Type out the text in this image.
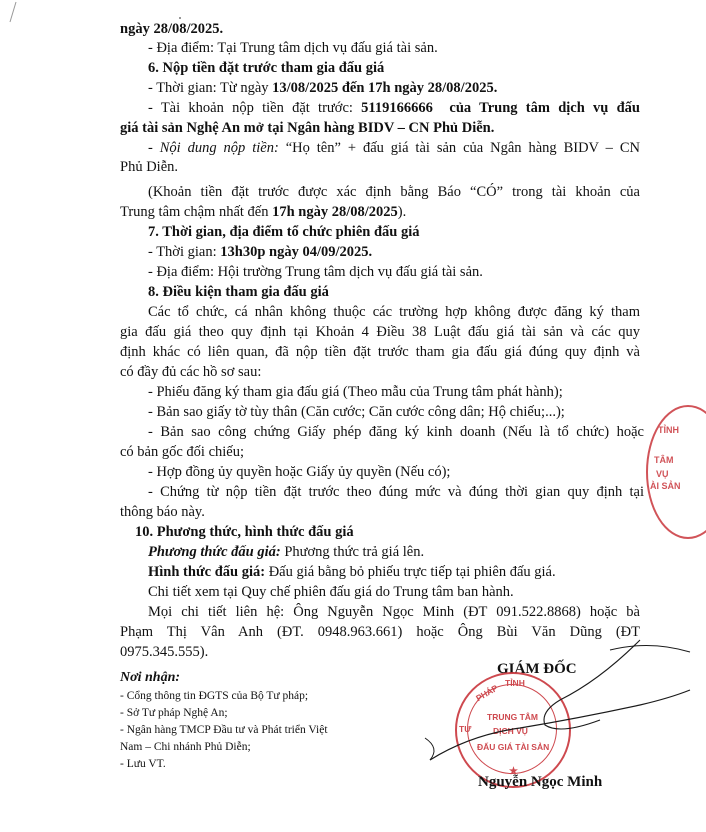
ngày 28/08/2025.
- Địa điểm: Tại Trung tâm dịch vụ đấu giá tài sản.
6. Nộp tiền đặt trước tham gia đấu giá
- Thời gian: Từ ngày 13/08/2025 đến 17h ngày 28/08/2025.
- Tài khoản nộp tiền đặt trước: 5119166666  của Trung tâm dịch vụ đấu
giá tài sản Nghệ An mở tại Ngân hàng BIDV – CN Phủ Diễn.
- Nội dung nộp tiền: “Họ tên” + đấu giá tài sản của Ngân hàng BIDV – CN
Phủ Diễn.
(Khoản tiền đặt trước được xác định bằng Báo “CÓ” trong tài khoản của
Trung tâm chậm nhất đến 17h ngày 28/08/2025).
7. Thời gian, địa điểm tổ chức phiên đấu giá
- Thời gian: 13h30p ngày 04/09/2025.
- Địa điểm: Hội trường Trung tâm dịch vụ đấu giá tài sản.
8. Điều kiện tham gia đấu giá
Các tổ chức, cá nhân không thuộc các trường hợp không được đăng ký tham
gia đấu giá theo quy định tại Khoản 4 Điều 38 Luật đấu giá tài sản và các quy
định khác có liên quan, đã nộp tiền đặt trước tham gia đấu giá đúng quy định và
có đầy đủ các hồ sơ sau:
- Phiếu đăng ký tham gia đấu giá (Theo mẫu của Trung tâm phát hành);
- Bản sao giấy tờ tùy thân (Căn cước; Căn cước công dân; Hộ chiếu;...);
- Bản sao công chứng Giấy phép đăng ký kinh doanh (Nếu là tổ chức) hoặc
có bản gốc đối chiếu;
- Hợp đồng ủy quyền hoặc Giấy ủy quyền (Nếu có);
- Chứng từ nộp tiền đặt trước theo đúng mức và đúng thời gian quy định tại
thông báo này.
10. Phương thức, hình thức đấu giá
Phương thức đấu giá: Phương thức trả giá lên.
Hình thức đấu giá: Đấu giá bằng bỏ phiếu trực tiếp tại phiên đấu giá.
Chi tiết xem tại Quy chế phiên đấu giá do Trung tâm ban hành.
Mọi chi tiết liên hệ: Ông Nguyễn Ngọc Minh (ĐT 091.522.8868) hoặc bà
Phạm Thị Vân Anh (ĐT. 0948.963.661) hoặc Ông Bùi Văn Dũng (ĐT
0975.345.555).
Nơi nhận:
- Cổng thông tin ĐGTS của Bộ Tư pháp;
- Sở Tư pháp Nghệ An;
- Ngân hàng TMCP Đầu tư và Phát triển Việt
Nam – Chi nhánh Phủ Diễn;
- Lưu VT.
GIÁM ĐỐC
TỈNH
TÂM
VỤ
ÀI SẢN
TỈNH
PHÁP
TƯ
TRUNG TÂM
DỊCH VỤ
ĐẤU GIÁ TÀI SẢN
★
Nguyễn Ngọc Minh
